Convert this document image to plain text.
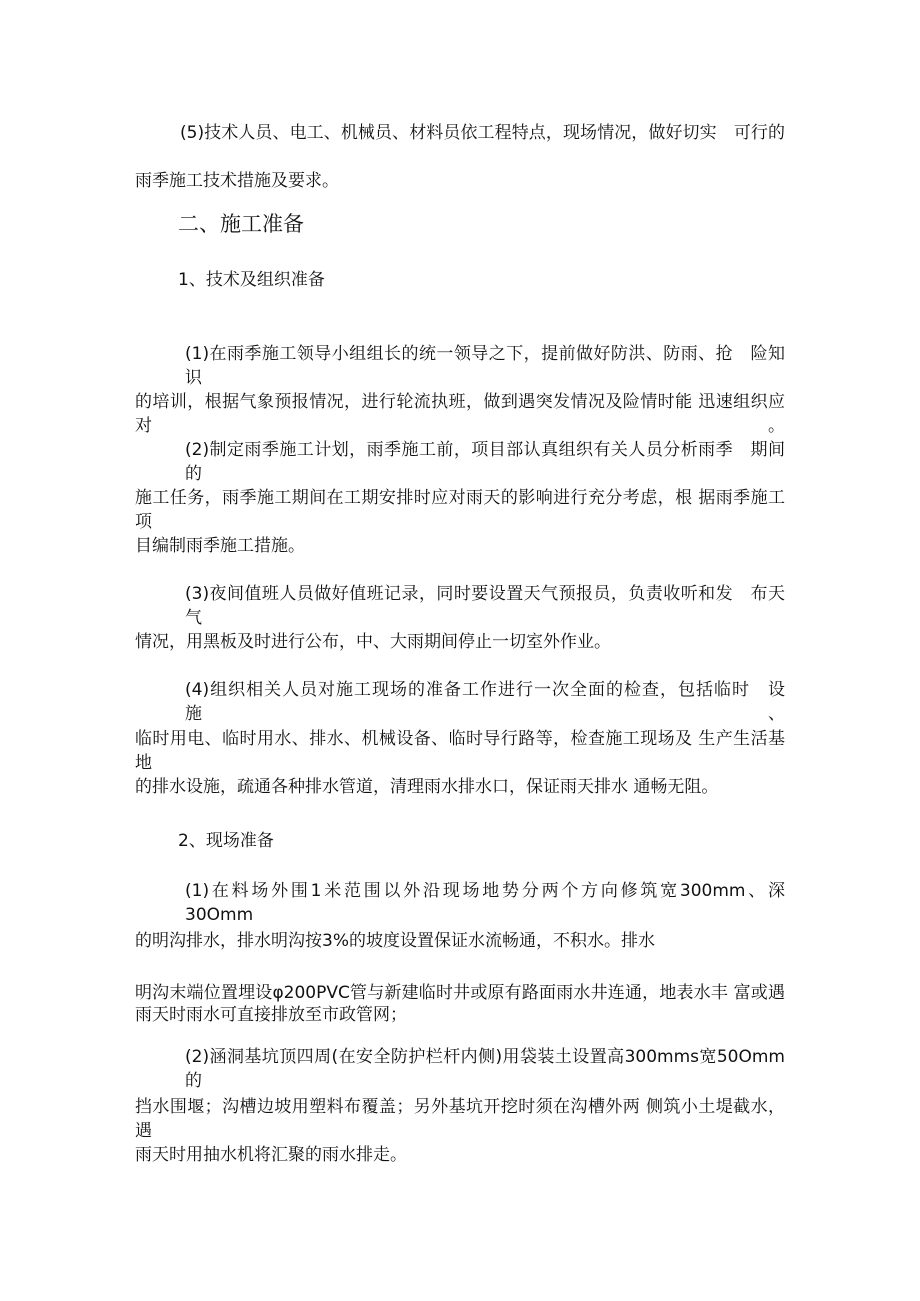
(5)技术人员、电工、机械员、材料员依工程特点，现场情况，做好切实　可行的
雨季施工技术措施及要求。
二、施工准备
1、技术及组织准备
(1)在雨季施工领导小组组长的统一领导之下，提前做好防洪、防雨、抢　险知识
的培训，根据气象预报情况，进行轮流执班，做到遇突发情况及险情时能 迅速组织应对。
(2)制定雨季施工计划，雨季施工前，项目部认真组织有关人员分析雨季　期间的
施工任务，雨季施工期间在工期安排时应对雨天的影响进行充分考虑，根 据雨季施工项
目编制雨季施工措施。
(3)夜间值班人员做好值班记录，同时要设置天气预报员，负责收听和发　布天气
情况，用黑板及时进行公布，中、大雨期间停止一切室外作业。
(4)组织相关人员对施工现场的准备工作进行一次全面的检查，包括临时　设施、
临时用电、临时用水、排水、机械设备、临时导行路等，检查施工现场及 生产生活基地
的排水设施，疏通各种排水管道，清理雨水排水口，保证雨天排水 通畅无阻。
2、现场准备
(1)在料场外围1米范围以外沿现场地势分两个方向修筑宽300mm、深　30Omm
的明沟排水，排水明沟按3%的坡度设置保证水流畅通，不积水。排水
明沟末端位置埋设φ200PVC管与新建临时井或原有路面雨水井连通，地表水丰 富或遇
雨天时雨水可直接排放至市政管网；
(2)涵洞基坑顶四周(在安全防护栏杆内侧)用袋装土设置高300mms宽50Omm的
挡水围堰；沟槽边坡用塑料布覆盖；另外基坑开挖时须在沟槽外两 侧筑小土堤截水，遇
雨天时用抽水机将汇聚的雨水排走。
